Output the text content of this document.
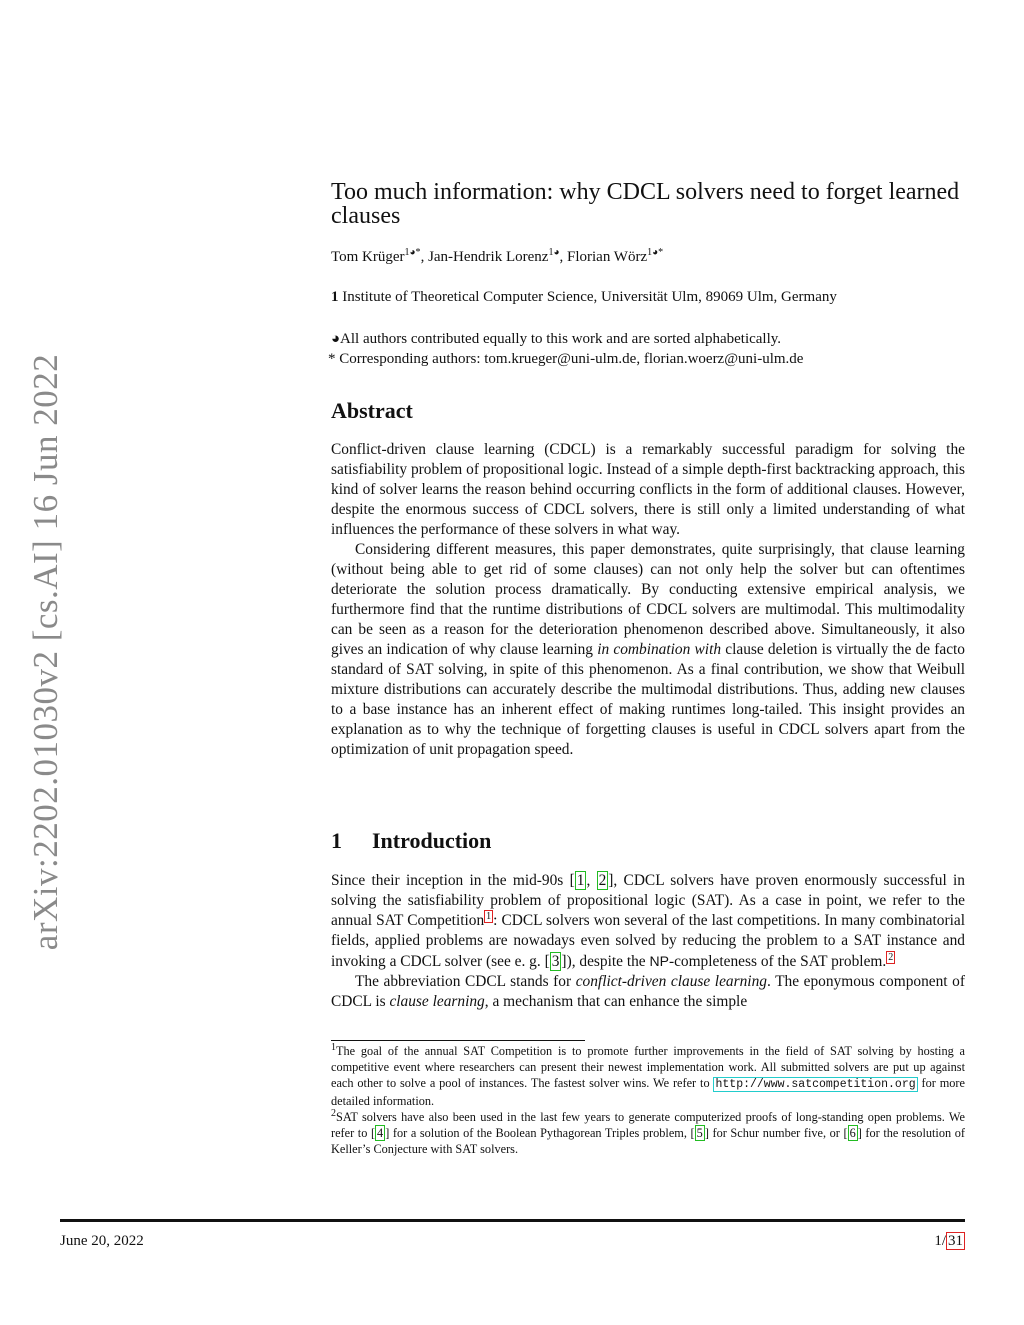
arXiv:2202.01030v2 [cs.AI] 16 Jun 2022
Too much information: why CDCL solvers need to forget learned clauses
Tom Krüger$^{1◕*}$, Jan-Hendrik Lorenz$^{1◕}$, Florian Wörz$^{1◕*}$
1 Institute of Theoretical Computer Science, Universität Ulm, 89069 Ulm, Germany
◕All authors contributed equally to this work and are sorted alphabetically.
* Corresponding authors: tom.krueger@uni-ulm.de, florian.woerz@uni-ulm.de
Abstract

Conflict-driven clause learning (CDCL) is a remarkably successful paradigm for solving the satisfiability problem of propositional logic. Instead of a simple depth-first backtracking approach, this kind of solver learns the reason behind occurring conflicts in the form of additional clauses. However, despite the enormous success of CDCL solvers, there is still only a limited understanding of what influences the performance of these solvers in what way.

Considering different measures, this paper demonstrates, quite surprisingly, that clause learning (without being able to get rid of some clauses) can not only help the solver but can oftentimes deteriorate the solution process dramatically. By conducting extensive empirical analysis, we furthermore find that the runtime distributions of CDCL solvers are multimodal. This multimodality can be seen as a reason for the deterioration phenomenon described above. Simultaneously, it also gives an indication of why clause learning in combination with clause deletion is virtually the de facto standard of SAT solving, in spite of this phenomenon. As a final contribution, we show that Weibull mixture distributions can accurately describe the multimodal distributions. Thus, adding new clauses to a base instance has an inherent effect of making runtimes long-tailed. This insight provides an explanation as to why the technique of forgetting clauses is useful in CDCL solvers apart from the optimization of unit propagation speed.

1 Introduction

Since their inception in the mid-90s [ 1 , 2 ], CDCL solvers have proven enormously successful in solving the satisfiability problem of propositional logic (SAT). As a case in point, we refer to the annual SAT Competition $^1$ : CDCL solvers won several of the last competitions. In many combinatorial fields, applied problems are nowadays even solved by reducing the problem to a SAT instance and invoking a CDCL solver (see e. g. [ 3 ]), despite the NP-completeness of the SAT problem. $^2$

The abbreviation CDCL stands for conflict-driven clause learning. The eponymous component of CDCL is clause learning, a mechanism that can enhance the simple

$^1$The goal of the annual SAT Competition is to promote further improvements in the field of SAT solving by hosting a competitive event where researchers can present their newest implementation work. All submitted solvers are put up against each other to solve a pool of instances. The fastest solver wins. We refer to http://www.satcompetition.org for more detailed information.
$^2$SAT solvers have also been used in the last few years to generate computerized proofs of long-standing open problems. We refer to [ 4 ] for a solution of the Boolean Pythagorean Triples problem, [ 5 ] for Schur number five, or [ 6 ] for the resolution of Keller’s Conjecture with SAT solvers.
June 20, 2022	1/ 31
